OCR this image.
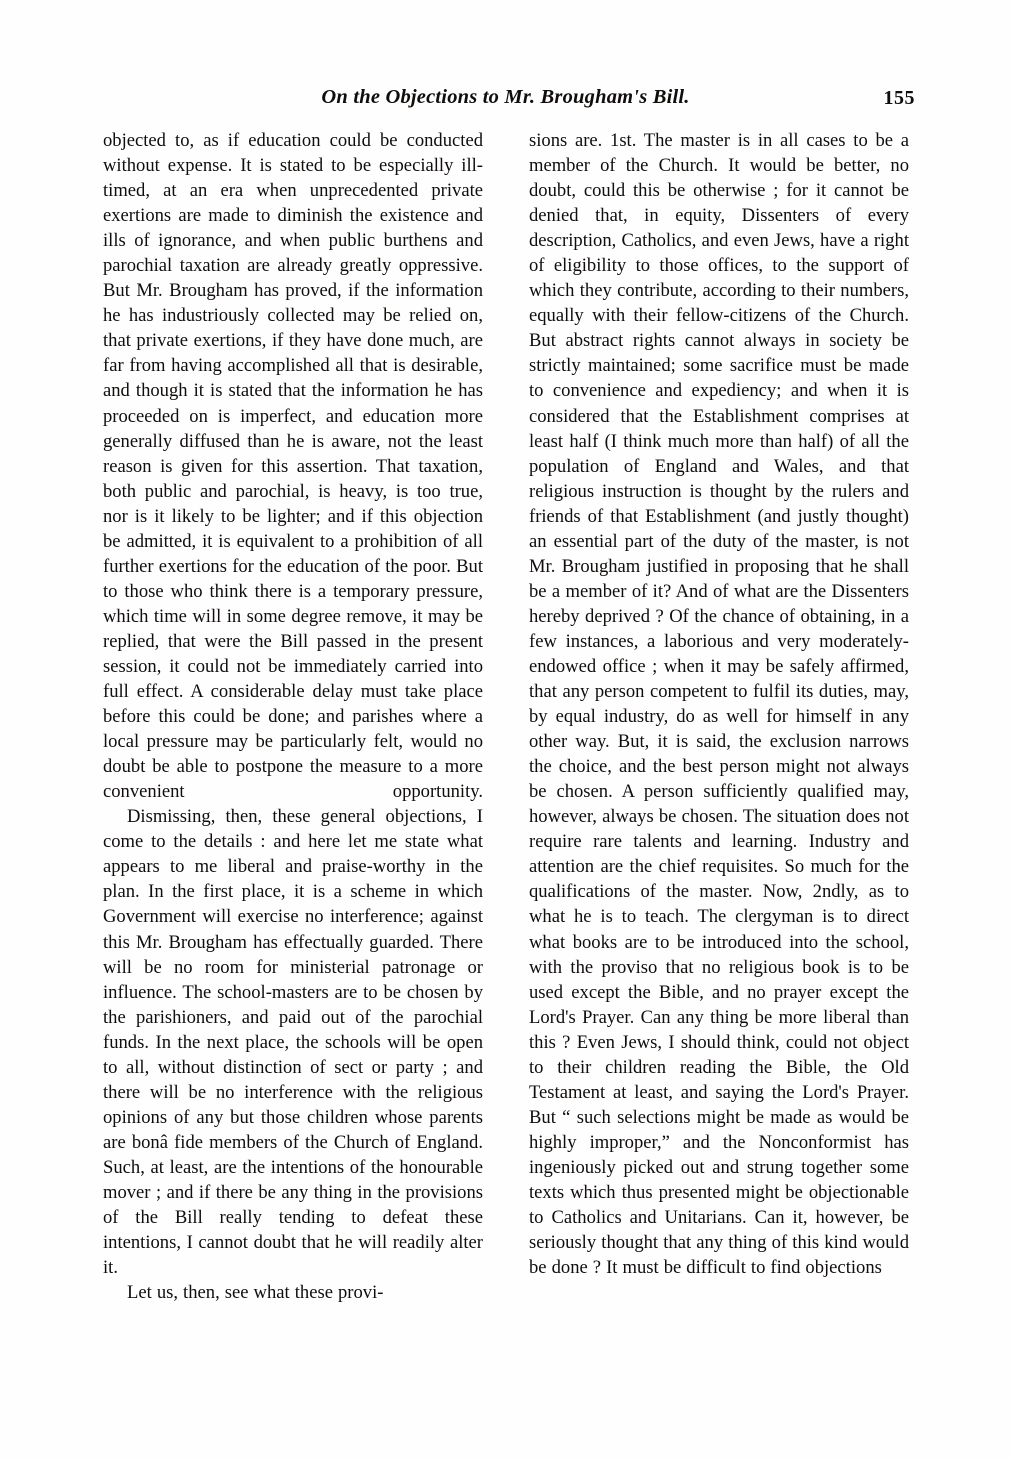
On the Objections to Mr. Brougham's Bill.	155

objected to, as if education could be conducted without expense. It is stated to be especially ill-timed, at an era when unprecedented private exertions are made to diminish the existence and ills of ignorance, and when public burthens and parochial taxation are already greatly oppressive. But Mr. Brougham has proved, if the information he has industriously collected may be relied on, that private exertions, if they have done much, are far from having accomplished all that is desirable, and though it is stated that the information he has proceeded on is imperfect, and education more generally diffused than he is aware, not the least reason is given for this assertion. That taxation, both public and parochial, is heavy, is too true, nor is it likely to be lighter; and if this objection be admitted, it is equivalent to a prohibition of all further exertions for the education of the poor. But to those who think there is a temporary pressure, which time will in some degree remove, it may be replied, that were the Bill passed in the present session, it could not be immediately carried into full effect. A considerable delay must take place before this could be done; and parishes where a local pressure may be particularly felt, would no doubt be able to postpone the measure to a more convenient opportunity.

Dismissing, then, these general objections, I come to the details : and here let me state what appears to me liberal and praise-worthy in the plan. In the first place, it is a scheme in which Government will exercise no interference; against this Mr. Brougham has effectually guarded. There will be no room for ministerial patronage or influence. The school-masters are to be chosen by the parishioners, and paid out of the parochial funds. In the next place, the schools will be open to all, without distinction of sect or party ; and there will be no interference with the religious opinions of any but those children whose parents are bonâ fide members of the Church of England. Such, at least, are the intentions of the honourable mover ; and if there be any thing in the provisions of the Bill really tending to defeat these intentions, I cannot doubt that he will readily alter it.

Let us, then, see what these provi-

sions are. 1st. The master is in all cases to be a member of the Church. It would be better, no doubt, could this be otherwise ; for it cannot be denied that, in equity, Dissenters of every description, Catholics, and even Jews, have a right of eligibility to those offices, to the support of which they contribute, according to their numbers, equally with their fellow-citizens of the Church. But abstract rights cannot always in society be strictly maintained; some sacrifice must be made to convenience and expediency; and when it is considered that the Establishment comprises at least half (I think much more than half) of all the population of England and Wales, and that religious instruction is thought by the rulers and friends of that Establishment (and justly thought) an essential part of the duty of the master, is not Mr. Brougham justified in proposing that he shall be a member of it? And of what are the Dissenters hereby deprived ? Of the chance of obtaining, in a few instances, a laborious and very moderately-endowed office ; when it may be safely affirmed, that any person competent to fulfil its duties, may, by equal industry, do as well for himself in any other way. But, it is said, the exclusion narrows the choice, and the best person might not always be chosen. A person sufficiently qualified may, however, always be chosen. The situation does not require rare talents and learning. Industry and attention are the chief requisites. So much for the qualifications of the master. Now, 2ndly, as to what he is to teach. The clergyman is to direct what books are to be introduced into the school, with the proviso that no religious book is to be used except the Bible, and no prayer except the Lord's Prayer. Can any thing be more liberal than this ? Even Jews, I should think, could not object to their children reading the Bible, the Old Testament at least, and saying the Lord's Prayer. But “ such selections might be made as would be highly improper,” and the Nonconformist has ingeniously picked out and strung together some texts which thus presented might be objectionable to Catholics and Unitarians. Can it, however, be seriously thought that any thing of this kind would be done ? It must be difficult to find objections
